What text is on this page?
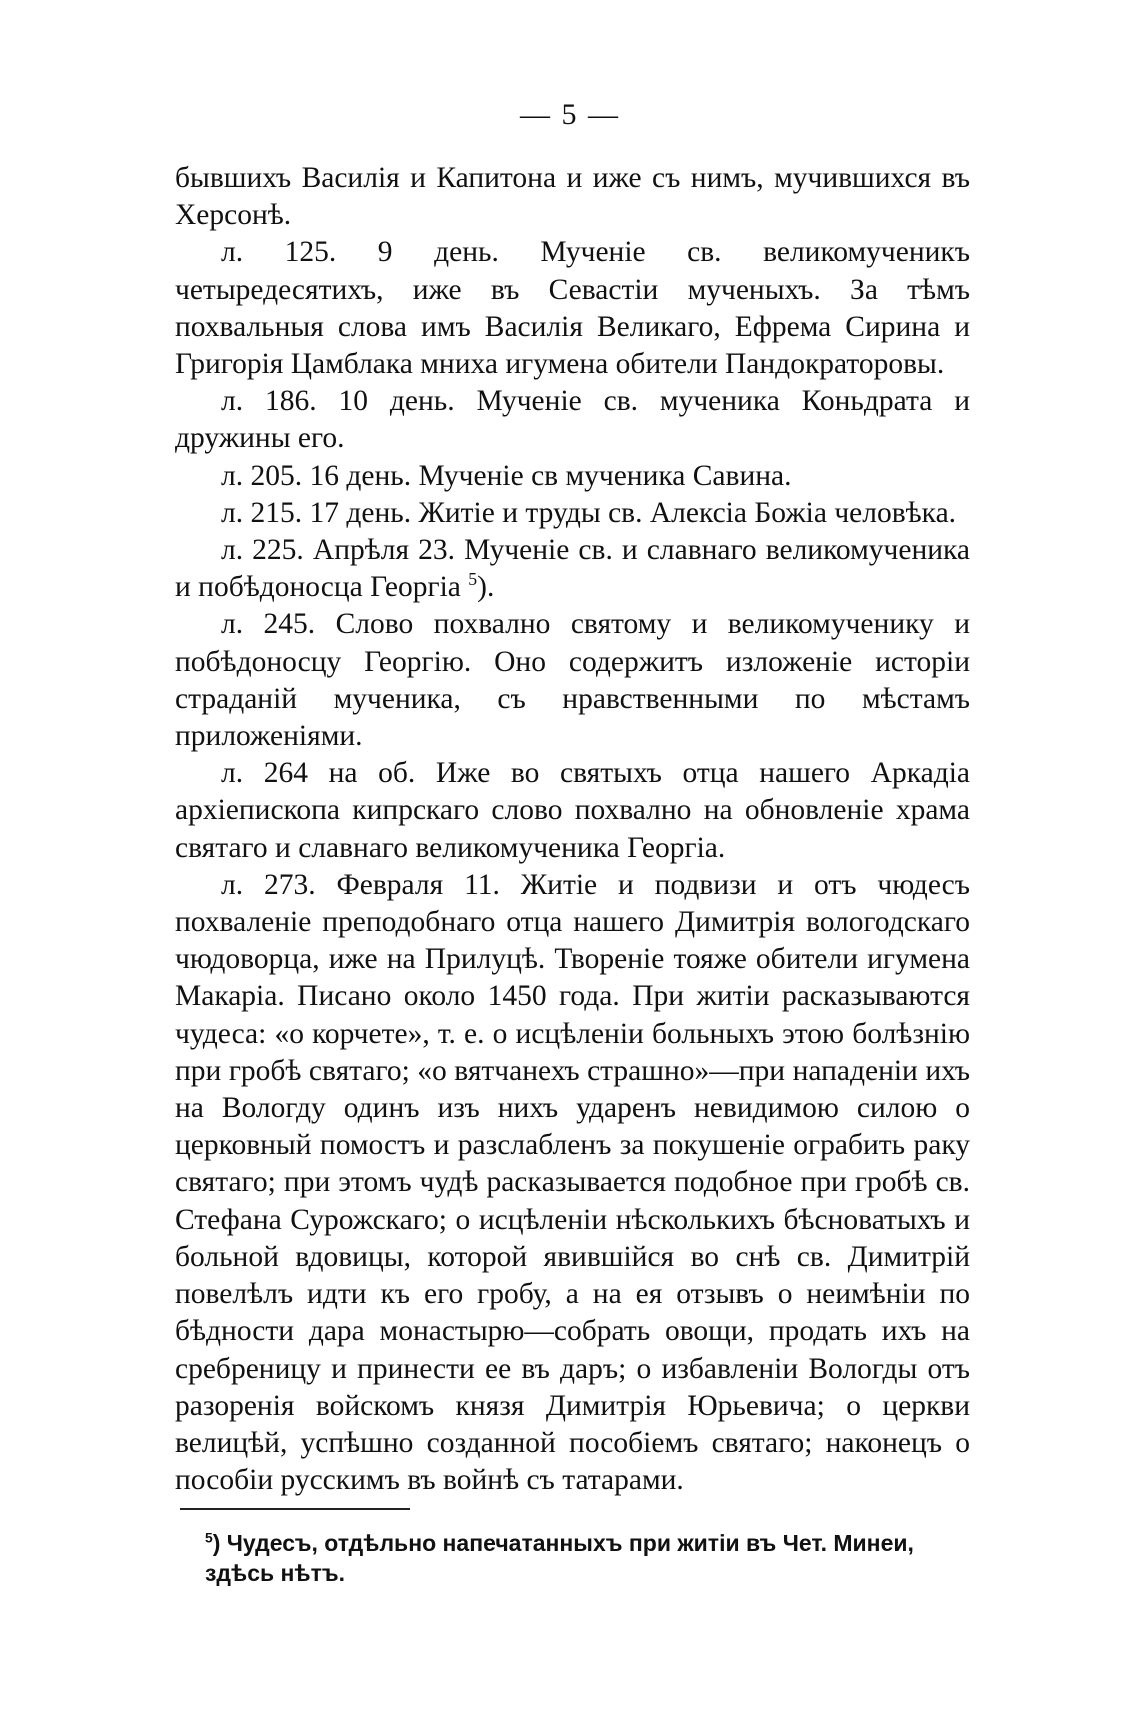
— 5 —

бывшихъ Василія и Капитона и иже съ нимъ, мучившихся въ Херсонѣ.

л. 125. 9 день. Мученіе св. великомученикъ четыредесятихъ, иже въ Севастіи мученыхъ. За тѣмъ похвальныя слова имъ Василія Великаго, Ефрема Сирина и Григорія Цамблака мниха игумена обители Пандократоровы.

л. 186. 10 день. Мученіе св. мученика Коньдрата и дружины его.

л. 205. 16 день. Мученіе св мученика Савина.

л. 215. 17 день. Житіе и труды св. Алексіа Божіа человѣка.

л. 225. Апрѣля 23. Мученіе св. и славнаго великомученика и побѣдоносца Георгіа $^5$).

л. 245. Слово похвално святому и великомученику и побѣдоносцу Георгію. Оно содержитъ изложеніе исторіи страданій мученика, съ нравственными по мѣстамъ приложеніями.

л. 264 на об. Иже во святыхъ отца нашего Аркадіа архіепископа кипрскаго слово похвално на обновленіе храма святаго и славнаго великомученика Георгіа.

л. 273. Февраля 11. Житіе и подвизи и отъ чюдесъ похваленіе преподобнаго отца нашего Димитрія вологодскаго чюдоворца, иже на Прилуцѣ. Твореніе тояже обители игумена Макаріа. Писано около 1450 года. При житіи раскaзываются чудеса: «о корчете», т. е. о исцѣленіи больныхъ этою болѣзнію при гробѣ святаго; «о вятчанехъ страшно»—при нападеніи ихъ на Вологду одинъ изъ нихъ ударенъ невидимою силою о церковный помостъ и разслабленъ за покушеніе ограбить раку святаго; при этомъ чудѣ раскaзывается подобное при гробѣ св. Стефана Сурожскаго; о исцѣленіи нѣсколькихъ бѣсноватыхъ и больной вдовицы, которой явившійся во снѣ св. Димитрій повелѣлъ идти къ его гробу, а на ея отзывъ о неимѣніи по бѣдности дара монастырю—собрать овощи, продать ихъ на сребреницу и принести ее въ даръ; о избавленіи Вологды отъ разоренія войскомъ князя Димитрія Юрьевича; о церкви велицѣй, успѣшно созданной пособіемъ святаго; наконецъ о пособіи русскимъ въ войнѣ съ татарами.

$^5$) Чудесъ, отдѣльно напечатанныхъ при житіи въ Чет. Минеи, здѣсь нѣтъ.
